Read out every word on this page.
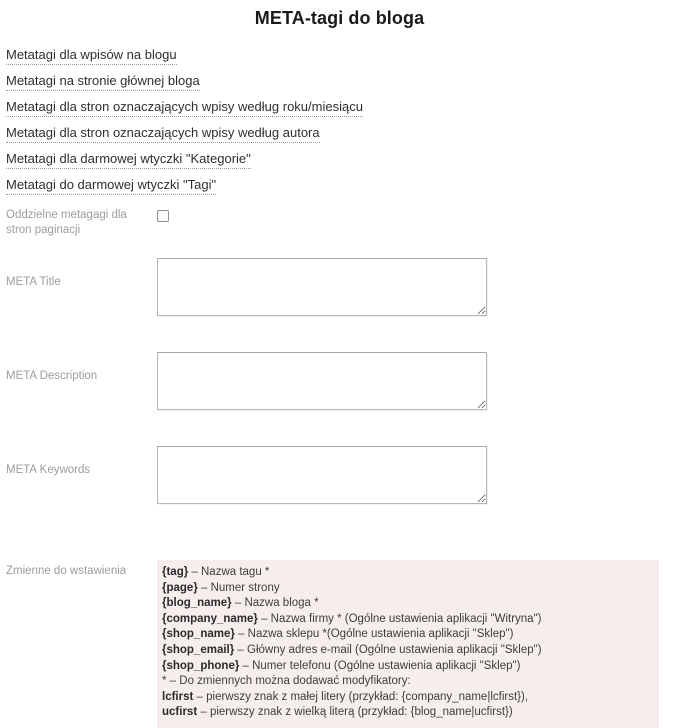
META-tagi do bloga
Metatagi dla wpisów na blogu
Metatagi na stronie głównej bloga
Metatagi dla stron oznaczających wpisy według roku/miesiącu
Metatagi dla stron oznaczających wpisy według autora
Metatagi dla darmowej wtyczki "Kategorie"
Metatagi do darmowej wtyczki "Tagi"
Oddzielne metagagi dla stron paginacji
META Title
META Description
META Keywords
Zmienne do wstawienia	{tag} – Nazwa tagu *
{page} – Numer strony
{blog_name} – Nazwa bloga *
{company_name} – Nazwa firmy * (Ogólne ustawienia aplikacji "Witryna")
{shop_name} – Nazwa sklepu *(Ogólne ustawienia aplikacji "Sklep")
{shop_email} – Główny adres e-mail (Ogólne ustawienia aplikacji "Sklep")
{shop_phone} – Numer telefonu (Ogólne ustawienia aplikacji "Sklep")
* – Do zmiennych można dodawać modyfikatory:
lcfirst – pierwszy znak z małej litery (przykład: {company_name|lcfirst}),
ucfirst – pierwszy znak z wielką literą (przykład: {blog_name|ucfirst})
